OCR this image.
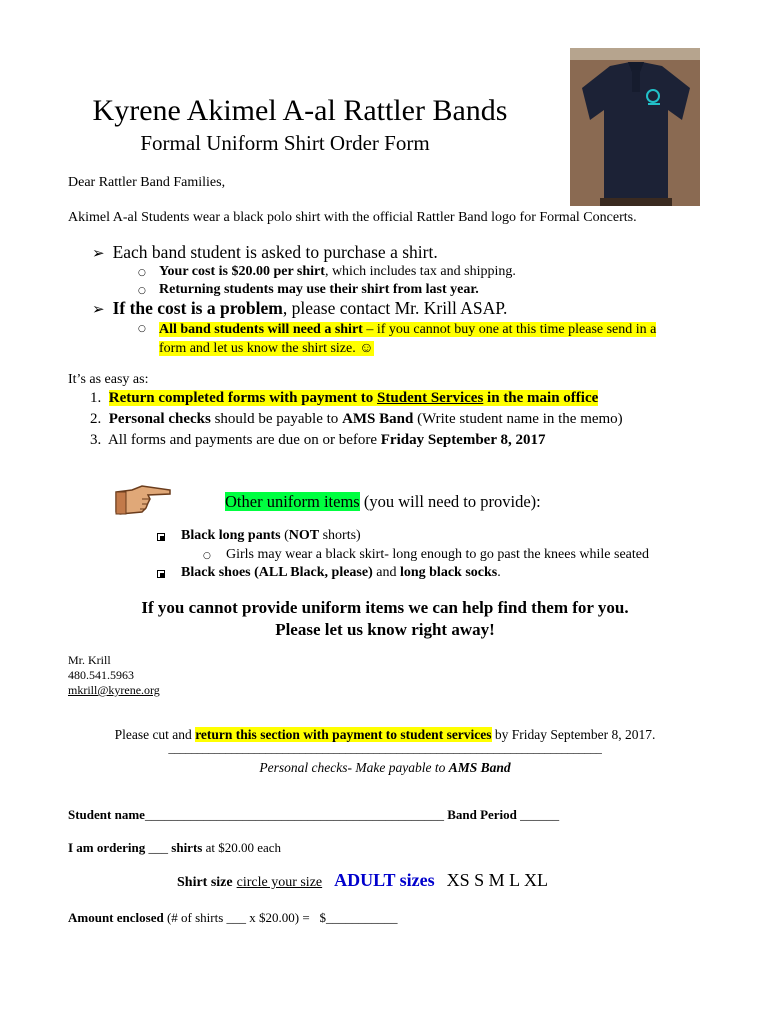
Kyrene Akimel A-al Rattler Bands
Formal Uniform Shirt Order Form
Dear Rattler Band Families,
Akimel A-al Students wear a black polo shirt with the official Rattler Band logo for Formal Concerts.
➢ Each band student is asked to purchase a shirt.
○ Your cost is $20.00 per shirt, which includes tax and shipping.
○ Returning students may use their shirt from last year.
➢ If the cost is a problem, please contact Mr. Krill ASAP.
○ All band students will need a shirt – if you cannot buy one at this time please send in a
form and let us know the shirt size. ☺
It’s as easy as:
1.  Return completed forms with payment to Student Services in the main office
2.  Personal checks should be payable to AMS Band (Write student name in the memo)
3.  All forms and payments are due on or before Friday September 8, 2017
Other uniform items (you will need to provide):
Black long pants (NOT shorts)
○ Girls may wear a black skirt- long enough to go past the knees while seated
Black shoes (ALL Black, please) and long black socks.
If you cannot provide uniform items we can help find them for you.
Please let us know right away!
Mr. Krill
480.541.5963
mkrill@kyrene.org
Please cut and return this section with payment to student services by Friday September 8, 2017.
____________________________________________________________________________
Personal checks- Make payable to AMS Band
Student name______________________________________________ Band Period ______
I am ordering ___ shirts at $20.00 each
Shirt size circle your size ADULT sizes XS S M L XL
Amount enclosed (# of shirts ___ x $20.00) =   $___________
